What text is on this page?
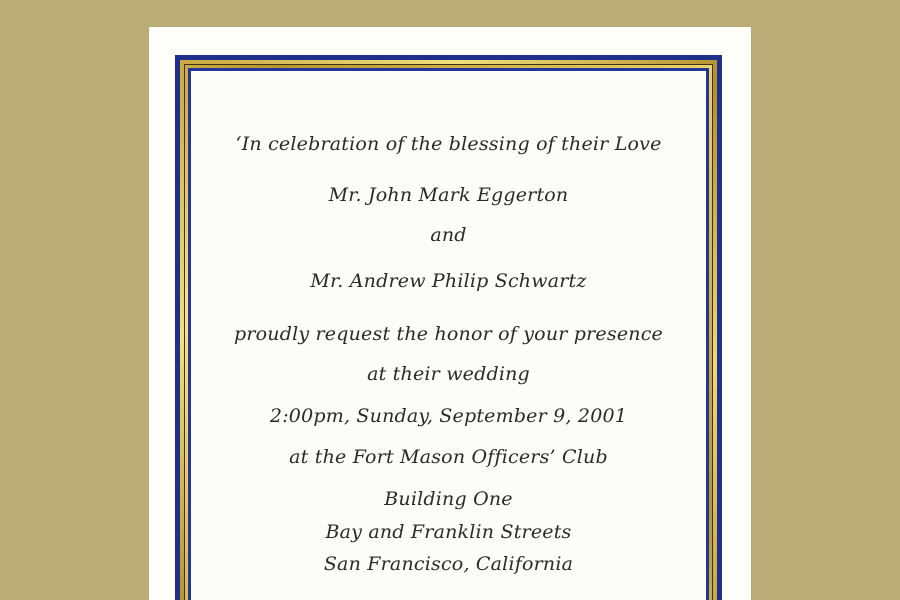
‘In celebration of the blessing of their Love
Mr. John Mark Eggerton
and
Mr. Andrew Philip Schwartz
proudly request the honor of your presence
at their wedding
2:00pm, Sunday, September 9, 2001
at the Fort Mason Officers’ Club
Building One
Bay and Franklin Streets
San Francisco, California
